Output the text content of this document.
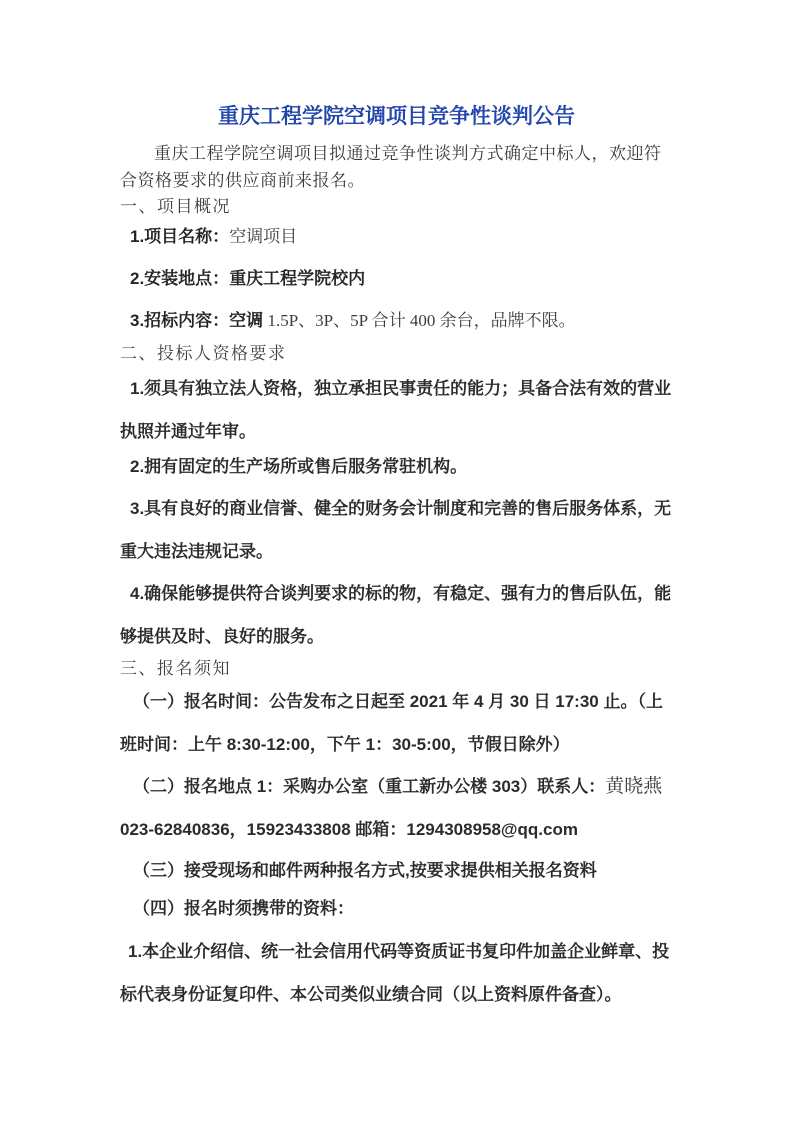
重庆工程学院空调项目竞争性谈判公告

重庆工程学院空调项目拟通过竞争性谈判方式确定中标人，欢迎符合资格要求的供应商前来报名。

一、项目概况

1.项目名称：空调项目

2.安装地点：重庆工程学院校内

3.招标内容：空调 1.5P、3P、5P 合计 400 余台，品牌不限。

二、投标人资格要求

1.须具有独立法人资格，独立承担民事责任的能力；具备合法有效的营业执照并通过年审。

2.拥有固定的生产场所或售后服务常驻机构。

3.具有良好的商业信誉、健全的财务会计制度和完善的售后服务体系，无重大违法违规记录。

4.确保能够提供符合谈判要求的标的物，有稳定、强有力的售后队伍，能够提供及时、良好的服务。

三、报名须知

（一）报名时间：公告发布之日起至 2021 年 4 月 30 日 17:30 止。（上班时间：上午 8:30-12:00，下午 1：30-5:00，节假日除外）

（二）报名地点 1：采购办公室（重工新办公楼 303）联系人：黄晓燕 023-62840836，15923433808 邮箱：1294308958@qq.com

（三）接受现场和邮件两种报名方式,按要求提供相关报名资料

（四）报名时须携带的资料：

1.本企业介绍信、统一社会信用代码等资质证书复印件加盖企业鲜章、投标代表身份证复印件、本公司类似业绩合同（以上资料原件备查）。
